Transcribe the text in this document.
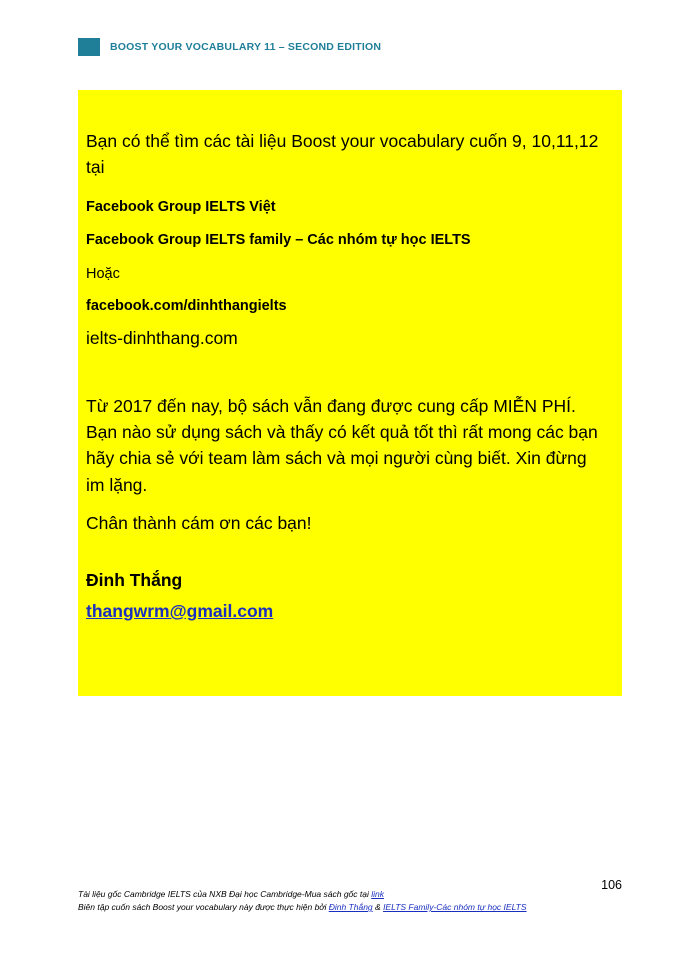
BOOST YOUR VOCABULARY 11 – SECOND EDITION

Bạn có thể tìm các tài liệu Boost your vocabulary cuốn 9, 10,11,12 tại

Facebook Group IELTS Việt

Facebook Group IELTS family – Các nhóm tự học IELTS

Hoặc

facebook.com/dinhthangielts

ielts-dinhthang.com

Từ 2017 đến nay, bộ sách vẫn đang được cung cấp MIỄN PHÍ. Bạn nào sử dụng sách và thấy có kết quả tốt thì rất mong các bạn hãy chia sẻ với team làm sách và mọi người cùng biết. Xin đừng im lặng.

Chân thành cám ơn các bạn!

Đinh Thắng

thangwrm@gmail.com
106
Tài liệu gốc Cambridge IELTS của NXB Đại học Cambridge-Mua sách gốc tại link
Biên tập cuốn sách Boost your vocabulary này được thực hiện bởi Đinh Thắng & IELTS Family-Các nhóm tự học IELTS
